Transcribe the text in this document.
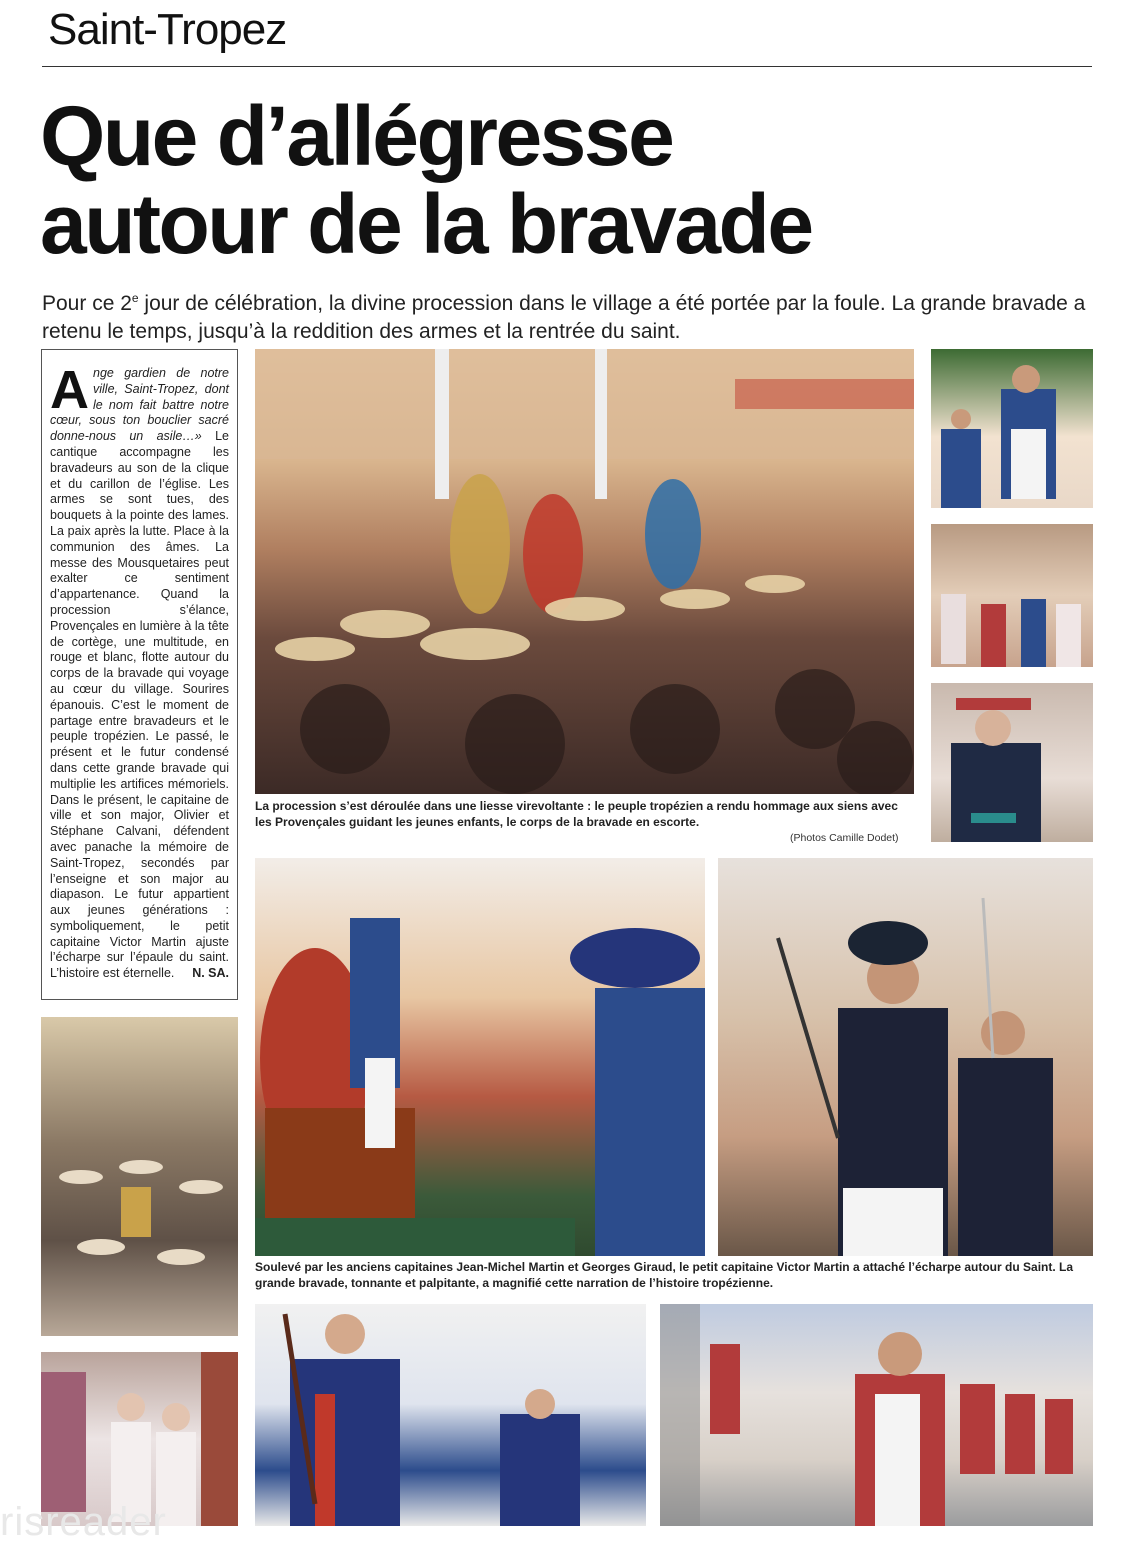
Saint-Tropez
Que d’allégresse
autour de la bravade
Pour ce 2e jour de célébration, la divine procession dans le village a été portée par la foule. La grande bravade a retenu le temps, jusqu’à la reddition des armes et la rentrée du saint.
Ange gardien de notre ville, Saint-Tropez, dont le nom fait battre notre cœur, sous ton bouclier sacré donne-nous un asile…» Le cantique accompagne les bravadeurs au son de la clique et du carillon de l’église. Les armes se sont tues, des bouquets à la pointe des lames. La paix après la lutte. Place à la communion des âmes. La messe des Mousquetaires peut exalter ce sentiment d’appartenance. Quand la procession s’élance, Provençales en lumière à la tête de cortège, une multitude, en rouge et blanc, flotte autour du corps de la bravade qui voyage au cœur du village. Sourires épanouis. C’est le moment de partage entre bravadeurs et le peuple tropézien. Le passé, le présent et le futur condensé dans cette grande bravade qui multiplie les artifices mémoriels. Dans le présent, le capitaine de ville et son major, Olivier et Stéphane Calvani, défendent avec panache la mémoire de Saint-Tropez, secondés par l’enseigne et son major au diapason. Le futur appartient aux jeunes générations : symboliquement, le petit capitaine Victor Martin ajuste l’écharpe sur l’épaule du saint. L’histoire est éternelle. N. SA.
La procession s’est déroulée dans une liesse virevoltante : le peuple tropézien a rendu hommage aux siens avec les Provençales guidant les jeunes enfants, le corps de la bravade en escorte.
(Photos Camille Dodet)
Soulevé par les anciens capitaines Jean-Michel Martin et Georges Giraud, le petit capitaine Victor Martin a attaché l’écharpe autour du Saint. La grande bravade, tonnante et palpitante, a magnifié cette narration de l’histoire tropézienne.
risreader
